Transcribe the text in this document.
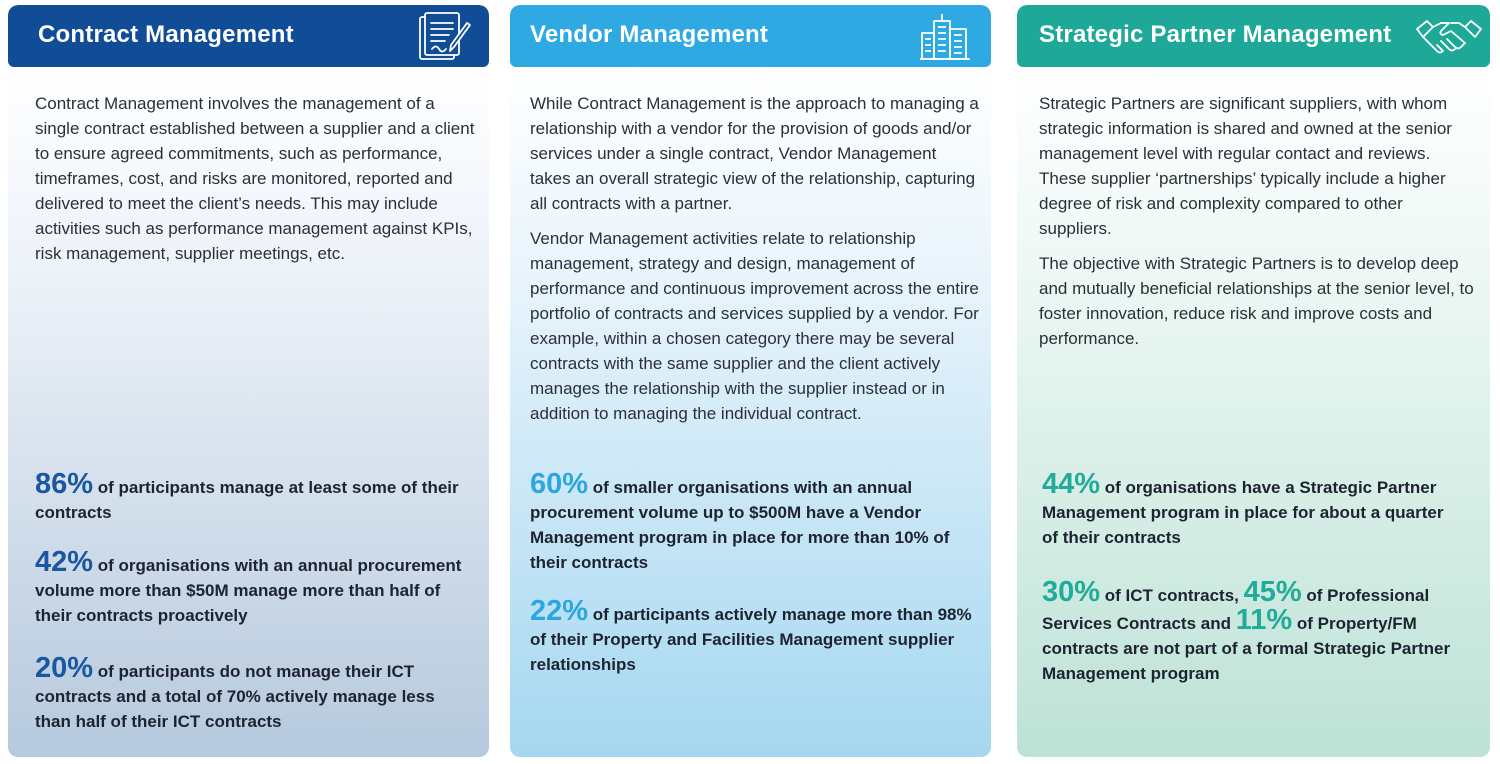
Contract Management

Contract Management involves the management of a single contract established between a supplier and a client to ensure agreed commitments, such as performance, timeframes, cost, and risks are monitored, reported and delivered to meet the client’s needs. This may include activities such as performance management against KPIs, risk management, supplier meetings, etc.

86% of participants manage at least some of their contracts
42% of organisations with an annual procurement volume more than $50M manage more than half of their contracts proactively
20% of participants do not manage their ICT contracts and a total of 70% actively manage less than half of their ICT contracts
Vendor Management

While Contract Management is the approach to managing a relationship with a vendor for the provision of goods and/or services under a single contract, Vendor Management takes an overall strategic view of the relationship, capturing all contracts with a partner.

Vendor Management activities relate to relationship management, strategy and design, management of performance and continuous improvement across the entire portfolio of contracts and services supplied by a vendor. For example, within a chosen category there may be several contracts with the same supplier and the client actively manages the relationship with the supplier instead or in addition to managing the individual contract.

60% of smaller organisations with an annual procurement volume up to $500M have a Vendor Management program in place for more than 10% of their contracts
22% of participants actively manage more than 98% of their Property and Facilities Management supplier relationships
Strategic Partner Management

Strategic Partners are significant suppliers, with whom strategic information is shared and owned at the senior management level with regular contact and reviews. These supplier ‘partnerships’ typically include a higher degree of risk and complexity compared to other suppliers.

The objective with Strategic Partners is to develop deep and mutually beneficial relationships at the senior level, to foster innovation, reduce risk and improve costs and performance.

44% of organisations have a Strategic Partner Management program in place for about a quarter of their contracts
30% of ICT contracts, 45% of Professional Services Contracts and 11% of Property/FM contracts are not part of a formal Strategic Partner Management program
